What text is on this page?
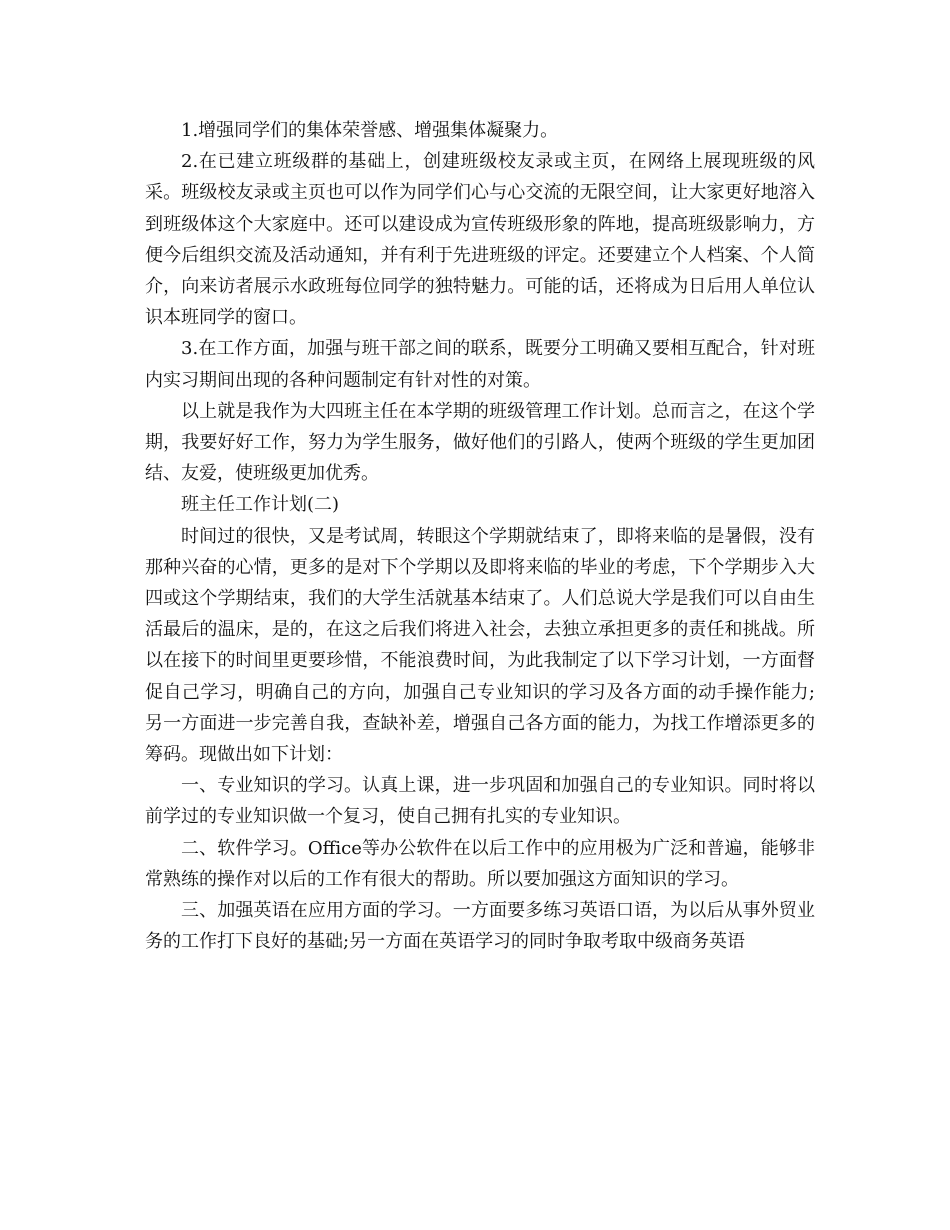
1.增强同学们的集体荣誉感、增强集体凝聚力。

2.在已建立班级群的基础上，创建班级校友录或主页，在网络上展现班级的风采。班级校友录或主页也可以作为同学们心与心交流的无限空间，让大家更好地溶入到班级体这个大家庭中。还可以建设成为宣传班级形象的阵地，提高班级影响力，方便今后组织交流及活动通知，并有利于先进班级的评定。还要建立个人档案、个人简介，向来访者展示水政班每位同学的独特魅力。可能的话，还将成为日后用人单位认识本班同学的窗口。

3.在工作方面，加强与班干部之间的联系，既要分工明确又要相互配合，针对班内实习期间出现的各种问题制定有针对性的对策。

以上就是我作为大四班主任在本学期的班级管理工作计划。总而言之，在这个学期，我要好好工作，努力为学生服务，做好他们的引路人，使两个班级的学生更加团结、友爱，使班级更加优秀。

班主任工作计划(二)

时间过的很快，又是考试周，转眼这个学期就结束了，即将来临的是暑假，没有那种兴奋的心情，更多的是对下个学期以及即将来临的毕业的考虑，下个学期步入大四或这个学期结束，我们的大学生活就基本结束了。人们总说大学是我们可以自由生活最后的温床，是的，在这之后我们将进入社会，去独立承担更多的责任和挑战。所以在接下的时间里更要珍惜，不能浪费时间，为此我制定了以下学习计划，一方面督促自己学习，明确自己的方向，加强自己专业知识的学习及各方面的动手操作能力;另一方面进一步完善自我，查缺补差，增强自己各方面的能力，为找工作增添更多的筹码。现做出如下计划：

一、专业知识的学习。认真上课，进一步巩固和加强自己的专业知识。同时将以前学过的专业知识做一个复习，使自己拥有扎实的专业知识。

二、软件学习。Office等办公软件在以后工作中的应用极为广泛和普遍，能够非常熟练的操作对以后的工作有很大的帮助。所以要加强这方面知识的学习。

三、加强英语在应用方面的学习。一方面要多练习英语口语，为以后从事外贸业务的工作打下良好的基础;另一方面在英语学习的同时争取考取中级商务英语
